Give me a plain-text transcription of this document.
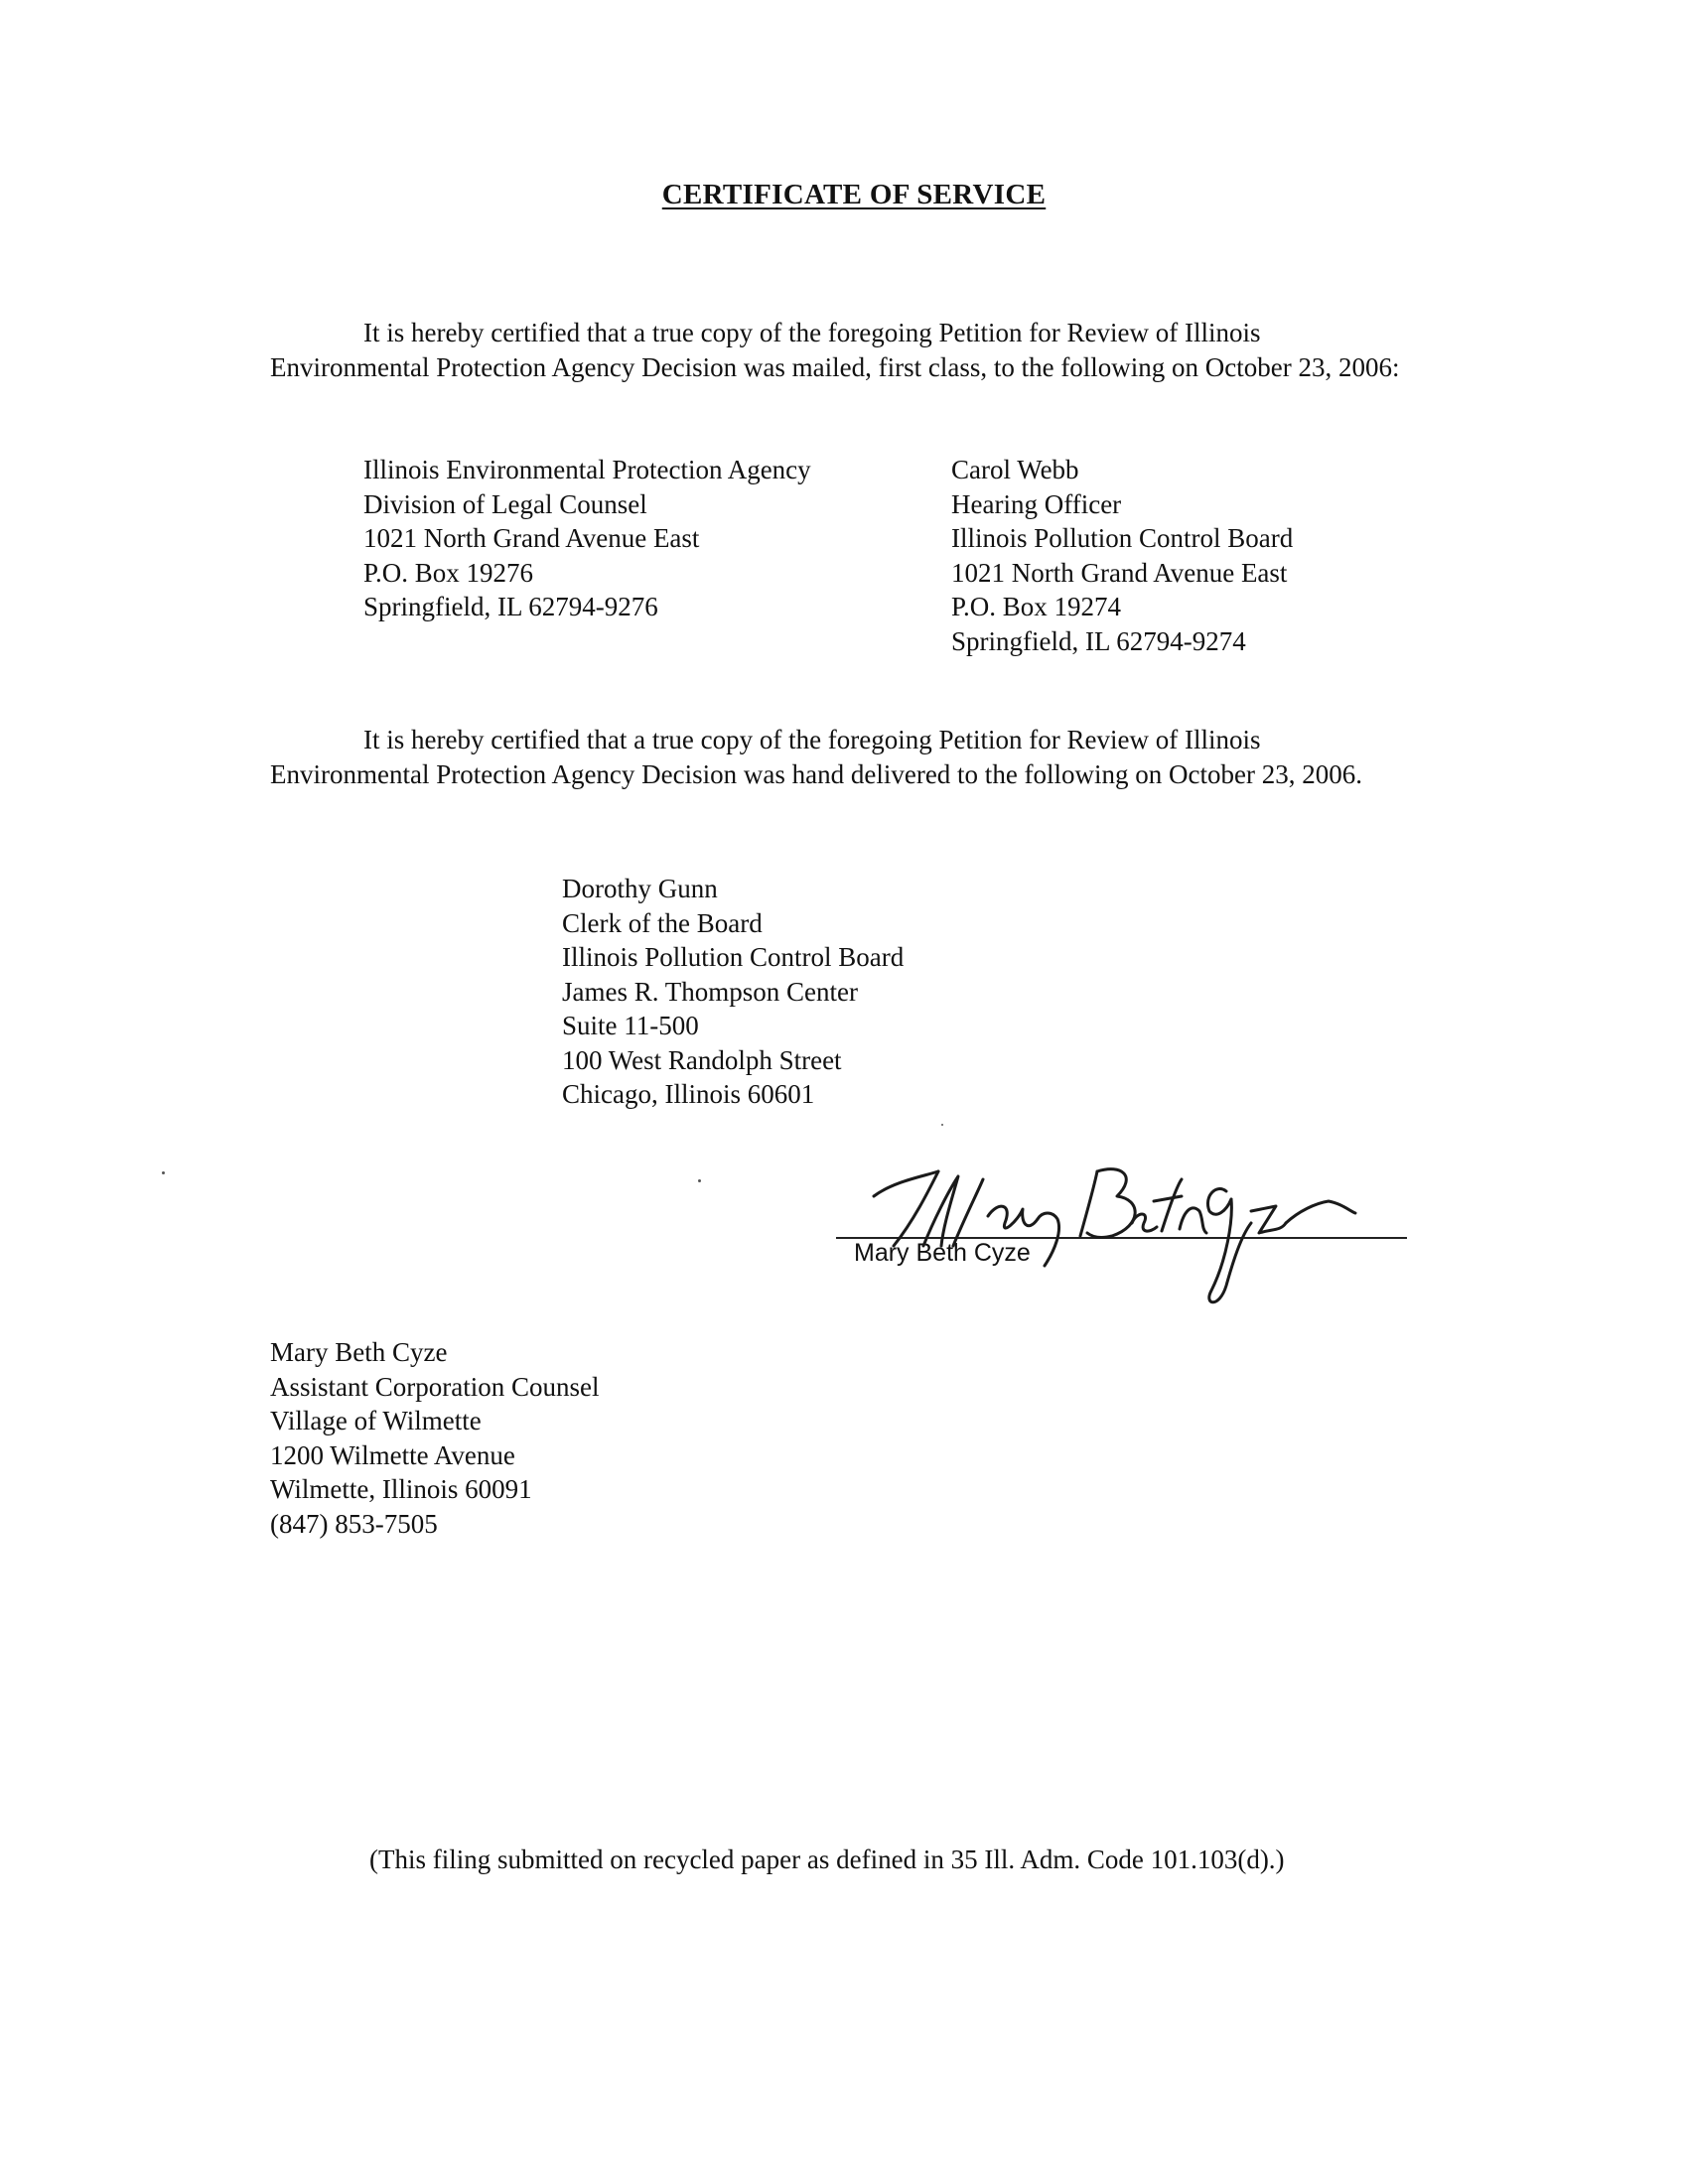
CERTIFICATE OF SERVICE
It is hereby certified that a true copy of the foregoing Petition for Review of Illinois Environmental Protection Agency Decision was mailed, first class, to the following on October 23, 2006:
Illinois Environmental Protection Agency
Division of Legal Counsel
1021 North Grand Avenue East
P.O. Box 19276
Springfield, IL 62794-9276
Carol Webb
Hearing Officer
Illinois Pollution Control Board
1021 North Grand Avenue East
P.O. Box 19274
Springfield, IL 62794-9274
It is hereby certified that a true copy of the foregoing Petition for Review of Illinois Environmental Protection Agency Decision was hand delivered to the following on October 23, 2006.
Dorothy Gunn
Clerk of the Board
Illinois Pollution Control Board
James R. Thompson Center
Suite 11-500
100 West Randolph Street
Chicago, Illinois 60601
Mary Beth Cyze
Mary Beth Cyze
Assistant Corporation Counsel
Village of Wilmette
1200 Wilmette Avenue
Wilmette, Illinois 60091
(847) 853-7505
(This filing submitted on recycled paper as defined in 35 Ill. Adm. Code 101.103(d).)
